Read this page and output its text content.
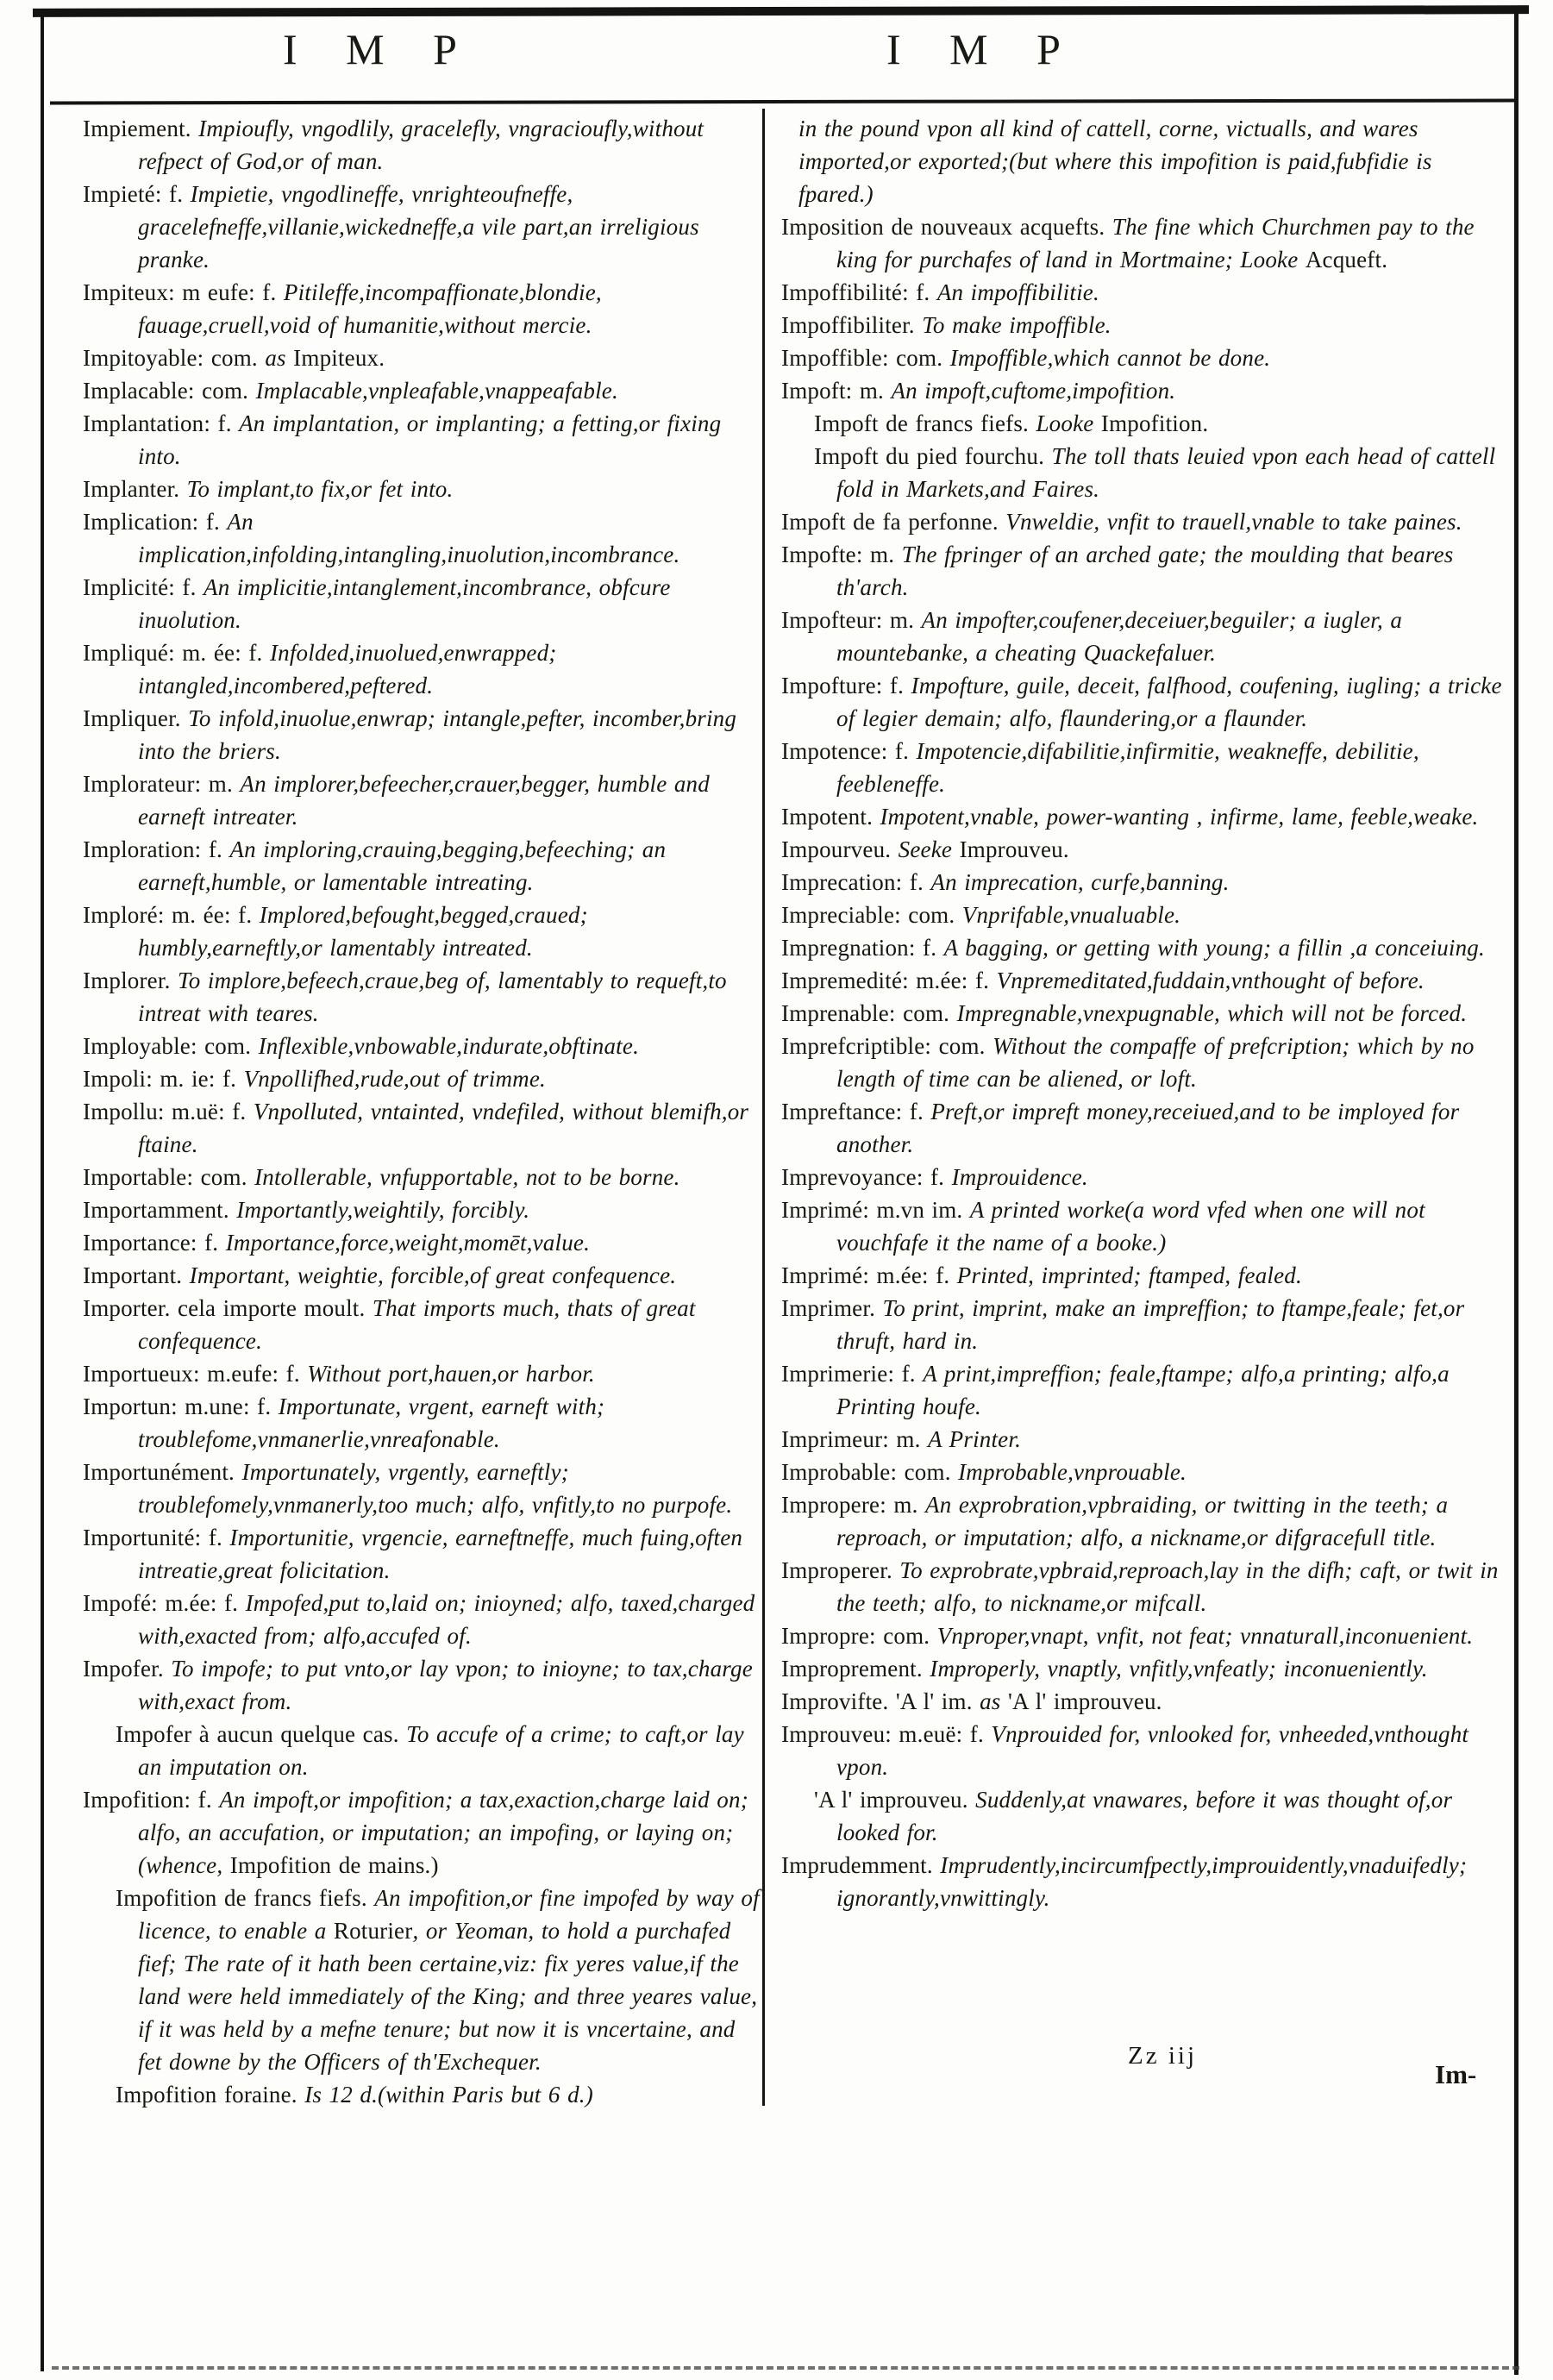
I M P	I M P

Impiement. Impioufly, vngodlily, gracelefly, vngracioufly,without refpect of God,or of man.

Impieté: f. Impietie, vngodlineffe, vnrighteoufneffe, gracelefneffe,villanie,wickedneffe,a vile part,an irreligious pranke.

Impiteux: m eufe: f. Pitileffe,incompaffionate,blondie, fauage,cruell,void of humanitie,without mercie.

Impitoyable: com. as Impiteux.

Implacable: com. Implacable,vnpleafable,vnappeafable.

Implantation: f. An implantation, or implanting; a fetting,or fixing into.

Implanter. To implant,to fix,or fet into.

Implication: f. An implication,infolding,intangling,inuolution,incombrance.

Implicité: f. An implicitie,intanglement,incombrance, obfcure inuolution.

Impliqué: m. ée: f. Infolded,inuolued,enwrapped; intangled,incombered,peftered.

Impliquer. To infold,inuolue,enwrap; intangle,pefter, incomber,bring into the briers.

Implorateur: m. An implorer,befeecher,crauer,begger, humble and earneft intreater.

Imploration: f. An imploring,crauing,begging,befeeching; an earneft,humble, or lamentable intreating.

Imploré: m. ée: f. Implored,befought,begged,craued; humbly,earneftly,or lamentably intreated.

Implorer. To implore,befeech,craue,beg of, lamentably to requeft,to intreat with teares.

Imployable: com. Inflexible,vnbowable,indurate,obftinate.

Impoli: m. ie: f. Vnpollifhed,rude,out of trimme.

Impollu: m.uë: f. Vnpolluted, vntainted, vndefiled, without blemifh,or ftaine.

Importable: com. Intollerable, vnfupportable, not to be borne.

Importamment. Importantly,weightily, forcibly.

Importance: f. Importance,force,weight,momēt,value.

Important. Important, weightie, forcible,of great confequence.

Importer. cela importe moult. That imports much, thats of great confequence.

Importueux: m.eufe: f. Without port,hauen,or harbor.

Importun: m.une: f. Importunate, vrgent, earneft with; troublefome,vnmanerlie,vnreafonable.

Importunément. Importunately, vrgently, earneftly; troublefomely,vnmanerly,too much; alfo, vnfitly,to no purpofe.

Importunité: f. Importunitie, vrgencie, earneftneffe, much fuing,often intreatie,great folicitation.

Impofé: m.ée: f. Impofed,put to,laid on; inioyned; alfo, taxed,charged with,exacted from; alfo,accufed of.

Impofer. To impofe; to put vnto,or lay vpon; to inioyne; to tax,charge with,exact from.

Impofer à aucun quelque cas. To accufe of a crime; to caft,or lay an imputation on.

Impofition: f. An impoft,or impofition; a tax,exaction,charge laid on; alfo, an accufation, or imputation; an impofing, or laying on; (whence, Impofition de mains.)

Impofition de francs fiefs. An impofition,or fine impofed by way of licence, to enable a Roturier, or Yeoman, to hold a purchafed fief; The rate of it hath been certaine,viz: fix yeres value,if the land were held immediately of the King; and three yeares value, if it was held by a mefne tenure; but now it is vncertaine, and fet downe by the Officers of th'Exchequer.

Impofition foraine. Is 12 d.(within Paris but 6 d.)

in the pound vpon all kind of cattell, corne, victualls, and wares imported,or exported;(but where this impofition is paid,fubfidie is fpared.)

Imposition de nouveaux acquefts. The fine which Churchmen pay to the king for purchafes of land in Mortmaine; Looke Acqueft.

Impoffibilité: f. An impoffibilitie.

Impoffibiliter. To make impoffible.

Impoffible: com. Impoffible,which cannot be done.

Impoft: m. An impoft,cuftome,impofition.

Impoft de francs fiefs. Looke Impofition.

Impoft du pied fourchu. The toll thats leuied vpon each head of cattell fold in Markets,and Faires.

Impoft de fa perfonne. Vnweldie, vnfit to trauell,vnable to take paines.

Impofte: m. The fpringer of an arched gate; the moulding that beares th'arch.

Impofteur: m. An impofter,coufener,deceiuer,beguiler; a iugler, a mountebanke, a cheating Quackefaluer.

Impofture: f. Impofture, guile, deceit, falfhood, coufening, iugling; a tricke of legier demain; alfo, flaundering,or a flaunder.

Impotence: f. Impotencie,difabilitie,infirmitie, weakneffe, debilitie, feebleneffe.

Impotent. Impotent,vnable, power-wanting , infirme, lame, feeble,weake.

Impourveu. Seeke Improuveu.

Imprecation: f. An imprecation, curfe,banning.

Impreciable: com. Vnprifable,vnualuable.

Impregnation: f. A bagging, or getting with young; a fillin ,a conceiuing.

Impremedité: m.ée: f. Vnpremeditated,fuddain,vnthought of before.

Imprenable: com. Impregnable,vnexpugnable, which will not be forced.

Imprefcriptible: com. Without the compaffe of prefcription; which by no length of time can be aliened, or loft.

Impreftance: f. Preft,or impreft money,receiued,and to be imployed for another.

Imprevoyance: f. Improuidence.

Imprimé: m.vn im. A printed worke(a word vfed when one will not vouchfafe it the name of a booke.)

Imprimé: m.ée: f. Printed, imprinted; ftamped, fealed.

Imprimer. To print, imprint, make an impreffion; to ftampe,feale; fet,or thruft, hard in.

Imprimerie: f. A print,impreffion; feale,ftampe; alfo,a printing; alfo,a Printing houfe.

Imprimeur: m. A Printer.

Improbable: com. Improbable,vnprouable.

Impropere: m. An exprobration,vpbraiding, or twitting in the teeth; a reproach, or imputation; alfo, a nickname,or difgracefull title.

Improperer. To exprobrate,vpbraid,reproach,lay in the difh; caft, or twit in the teeth; alfo, to nickname,or mifcall.

Impropre: com. Vnproper,vnapt, vnfit, not feat; vnnaturall,inconuenient.

Improprement. Improperly, vnaptly, vnfitly,vnfeatly; inconueniently.

Improvifte. 'A l' im. as 'A l' improuveu.

Improuveu: m.euë: f. Vnprouided for, vnlooked for, vnheeded,vnthought vpon.

'A l' improuveu. Suddenly,at vnawares, before it was thought of,or looked for.

Imprudemment. Imprudently,incircumfpectly,improuidently,vnaduifedly; ignorantly,vnwittingly.

Zz iij
Im-
